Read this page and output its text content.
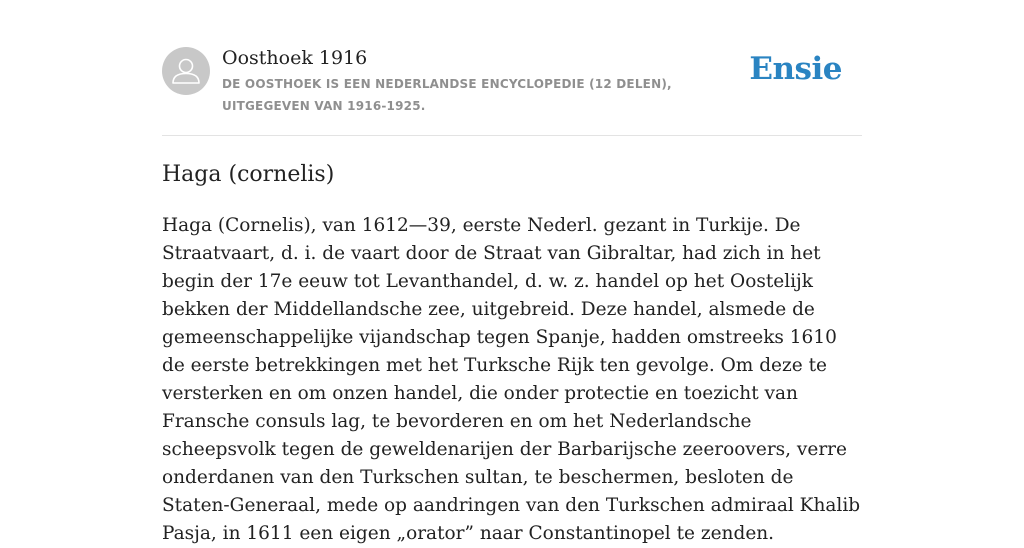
Oosthoek 1916
DE OOSTHOEK IS EEN NEDERLANDSE ENCYCLOPEDIE (12 DELEN), UITGEGEVEN VAN 1916-1925.
Ensie
Haga (cornelis)

Haga (Cornelis), van 1612—39, eerste Nederl. gezant in Turkije. De Straatvaart, d. i. de vaart door de Straat van Gibraltar, had zich in het begin der 17e eeuw tot Levanthandel, d. w. z. handel op het Oostelijk bekken der Middellandsche zee, uitgebreid. Deze handel, alsmede de gemeenschappelijke vijandschap tegen Spanje, hadden omstreeks 1610 de eerste betrekkingen met het Turksche Rijk ten gevolge. Om deze te versterken en om onzen handel, die onder protectie en toezicht van Fransche consuls lag, te bevorderen en om het Nederlandsche scheepsvolk tegen de geweldenarijen der Barbarijsche zeeroovers, verre onderdanen van den Turkschen sultan, te beschermen, besloten de Staten-Generaal, mede op aandringen van den Turkschen admiraal Khalib Pasja, in 1611 een eigen „orator” naar Constantinopel te zenden.
